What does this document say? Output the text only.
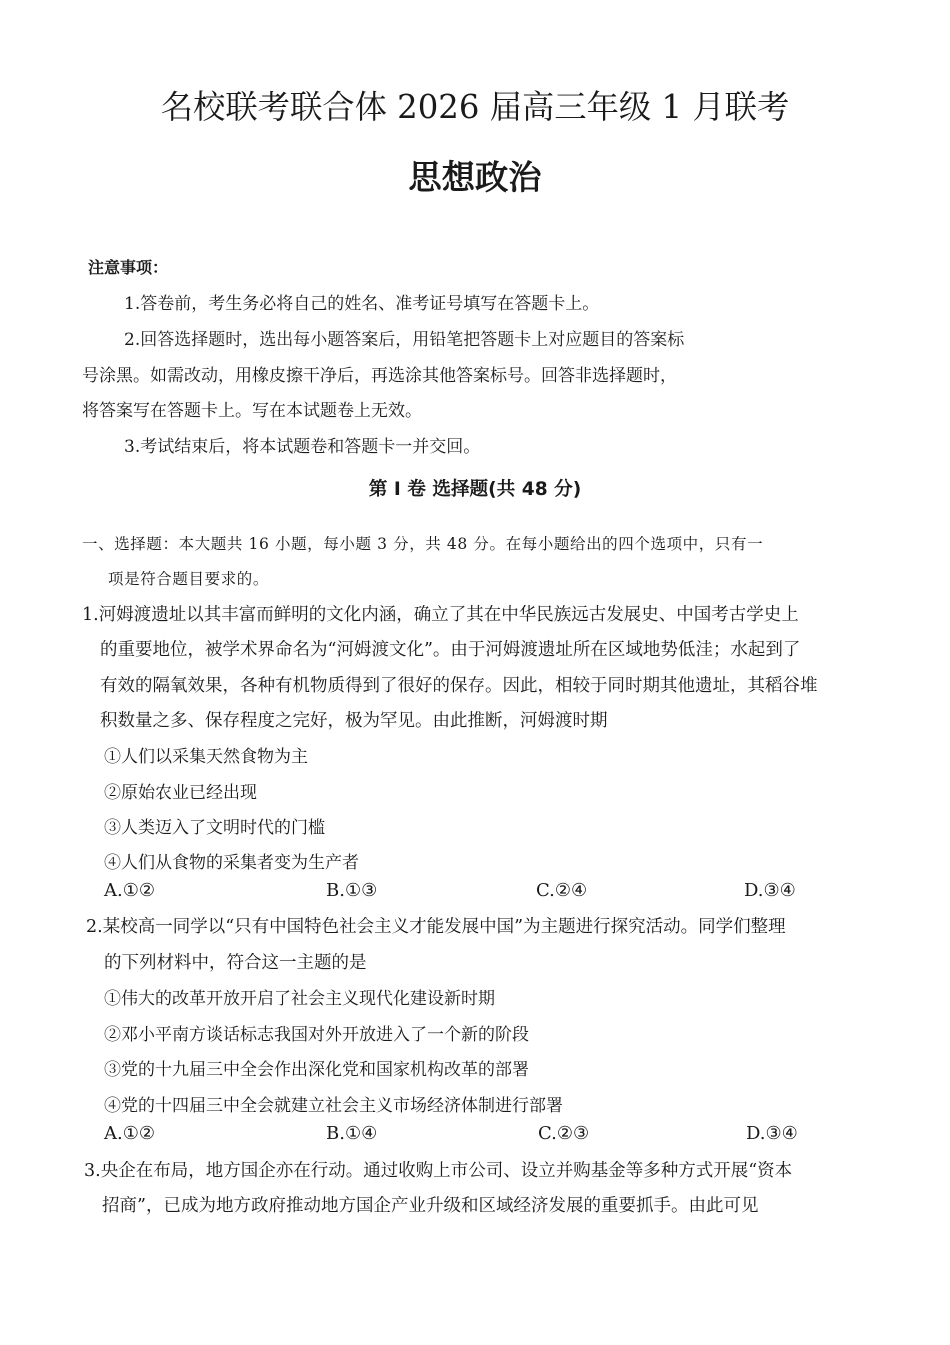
名校联考联合体 2026 届高三年级 1 月联考
思想政治
注意事项：
1.答卷前，考生务必将自己的姓名、准考证号填写在答题卡上。
2.回答选择题时，选出每小题答案后，用铅笔把答题卡上对应题目的答案标
号涂黑。如需改动，用橡皮擦干净后，再选涂其他答案标号。回答非选择题时，
将答案写在答题卡上。写在本试题卷上无效。
3.考试结束后，将本试题卷和答题卡一并交回。
第 Ⅰ 卷 选择题(共 48 分)
一、选择题：本大题共 16 小题，每小题 3 分，共 48 分。在每小题给出的四个选项中，只有一
项是符合题目要求的。
1.河姆渡遗址以其丰富而鲜明的文化内涵，确立了其在中华民族远古发展史、中国考古学史上
的重要地位，被学术界命名为“河姆渡文化”。由于河姆渡遗址所在区域地势低洼；水起到了
有效的隔氧效果，各种有机物质得到了很好的保存。因此，相较于同时期其他遗址，其稻谷堆
积数量之多、保存程度之完好，极为罕见。由此推断，河姆渡时期
①人们以采集天然食物为主
②原始农业已经出现
③人类迈入了文明时代的门槛
④人们从食物的采集者变为生产者
A.①②	B.①③	C.②④	D.③④
2.某校高一同学以“只有中国特色社会主义才能发展中国”为主题进行探究活动。同学们整理
的下列材料中，符合这一主题的是
①伟大的改革开放开启了社会主义现代化建设新时期
②邓小平南方谈话标志我国对外开放进入了一个新的阶段
③党的十九届三中全会作出深化党和国家机构改革的部署
④党的十四届三中全会就建立社会主义市场经济体制进行部署
A.①②	B.①④	C.②③	D.③④
3.央企在布局，地方国企亦在行动。通过收购上市公司、设立并购基金等多种方式开展“资本
招商”，已成为地方政府推动地方国企产业升级和区域经济发展的重要抓手。由此可见
